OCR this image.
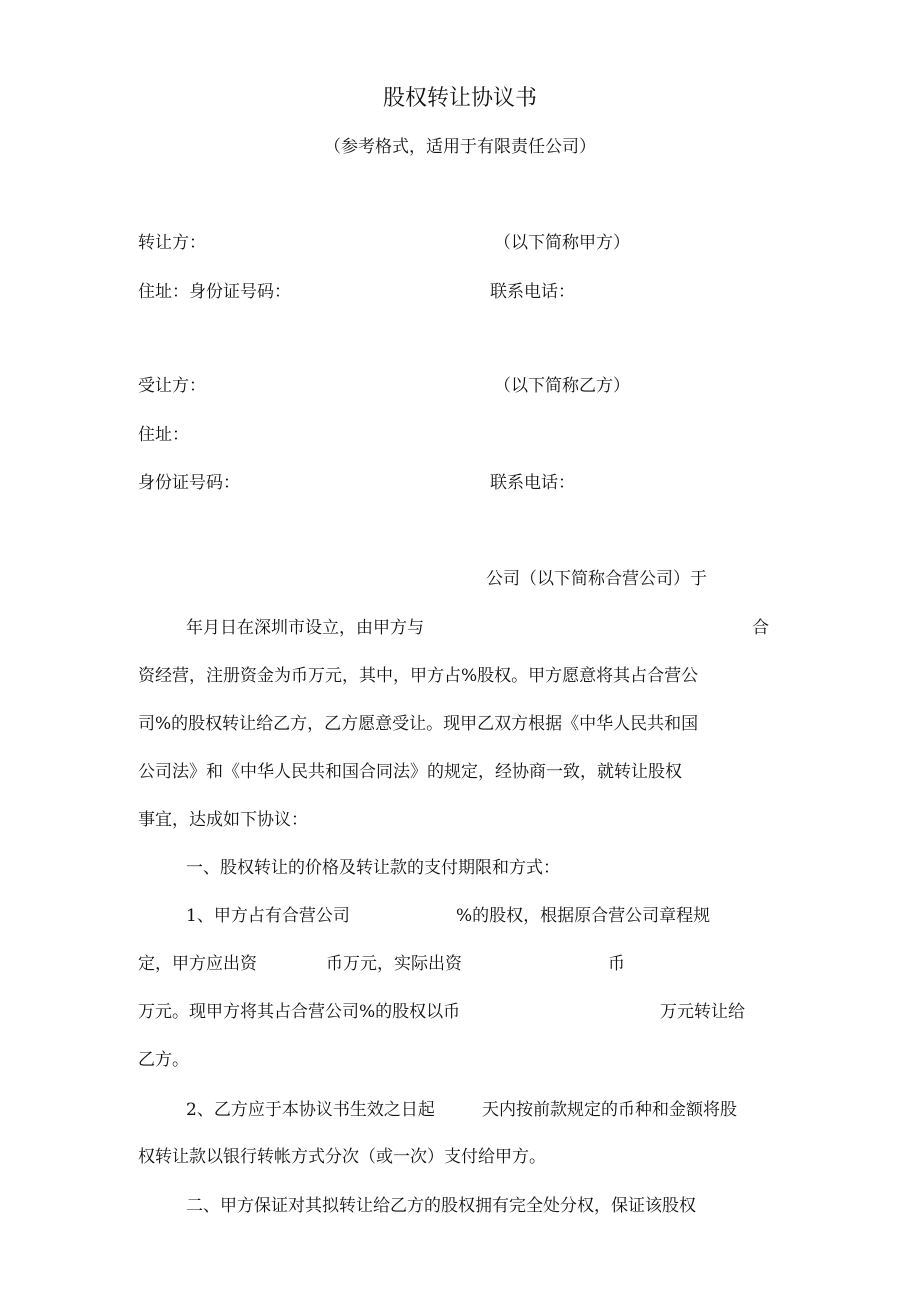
股权转让协议书
（参考格式，适用于有限责任公司）
转让方：	（以下简称甲方）
住址：身份证号码：	联系电话：
受让方：	（以下简称乙方）
住址：
身份证号码：	联系电话：
公司（以下简称合营公司）于
年月日在深圳市设立，由甲方与	合
资经营，注册资金为币万元，其中，甲方占%股权。甲方愿意将其占合营公
司%的股权转让给乙方，乙方愿意受让。现甲乙双方根据《中华人民共和国
公司法》和《中华人民共和国合同法》的规定，经协商一致，就转让股权
事宜，达成如下协议：
一、股权转让的价格及转让款的支付期限和方式：
1、甲方占有合营公司	%的股权，根据原合营公司章程规
定，甲方应出资	币万元，实际出资	币
万元。现甲方将其占合营公司%的股权以币	万元转让给
乙方。
2、乙方应于本协议书生效之日起	天内按前款规定的币种和金额将股
权转让款以银行转帐方式分次（或一次）支付给甲方。
二、甲方保证对其拟转让给乙方的股权拥有完全处分权，保证该股权
